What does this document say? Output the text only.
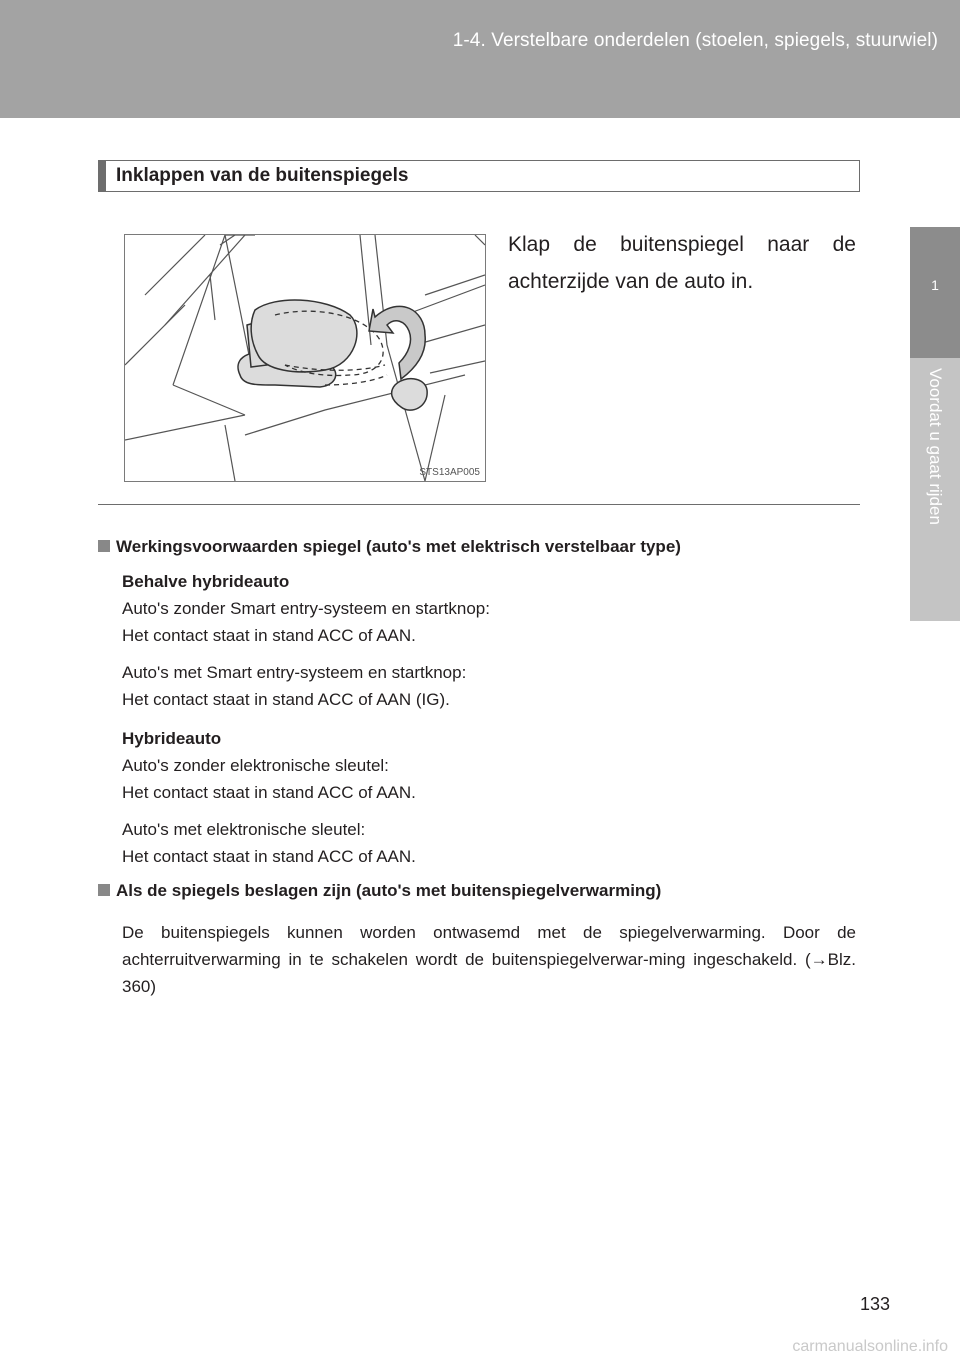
1-4. Verstelbare onderdelen (stoelen, spiegels, stuurwiel)
1
Voordat u gaat rijden
Inklappen van de buitenspiegels
STS13AP005
Klap de buitenspiegel naar de achterzijde van de auto in.
Werkingsvoorwaarden spiegel (auto's met elektrisch verstelbaar type)
Behalve hybrideauto
Auto's zonder Smart entry-systeem en startknop:
Het contact staat in stand ACC of AAN.
Auto's met Smart entry-systeem en startknop:
Het contact staat in stand ACC of AAN (IG).
Hybrideauto
Auto's zonder elektronische sleutel:
Het contact staat in stand ACC of AAN.
Auto's met elektronische sleutel:
Het contact staat in stand ACC of AAN.
Als de spiegels beslagen zijn (auto's met buitenspiegelverwarming)
De buitenspiegels kunnen worden ontwasemd met de spiegelverwarming. Door de achterruitverwarming in te schakelen wordt de buitenspiegelverwar-ming ingeschakeld. (→Blz. 360)
133
carmanualsonline.info
